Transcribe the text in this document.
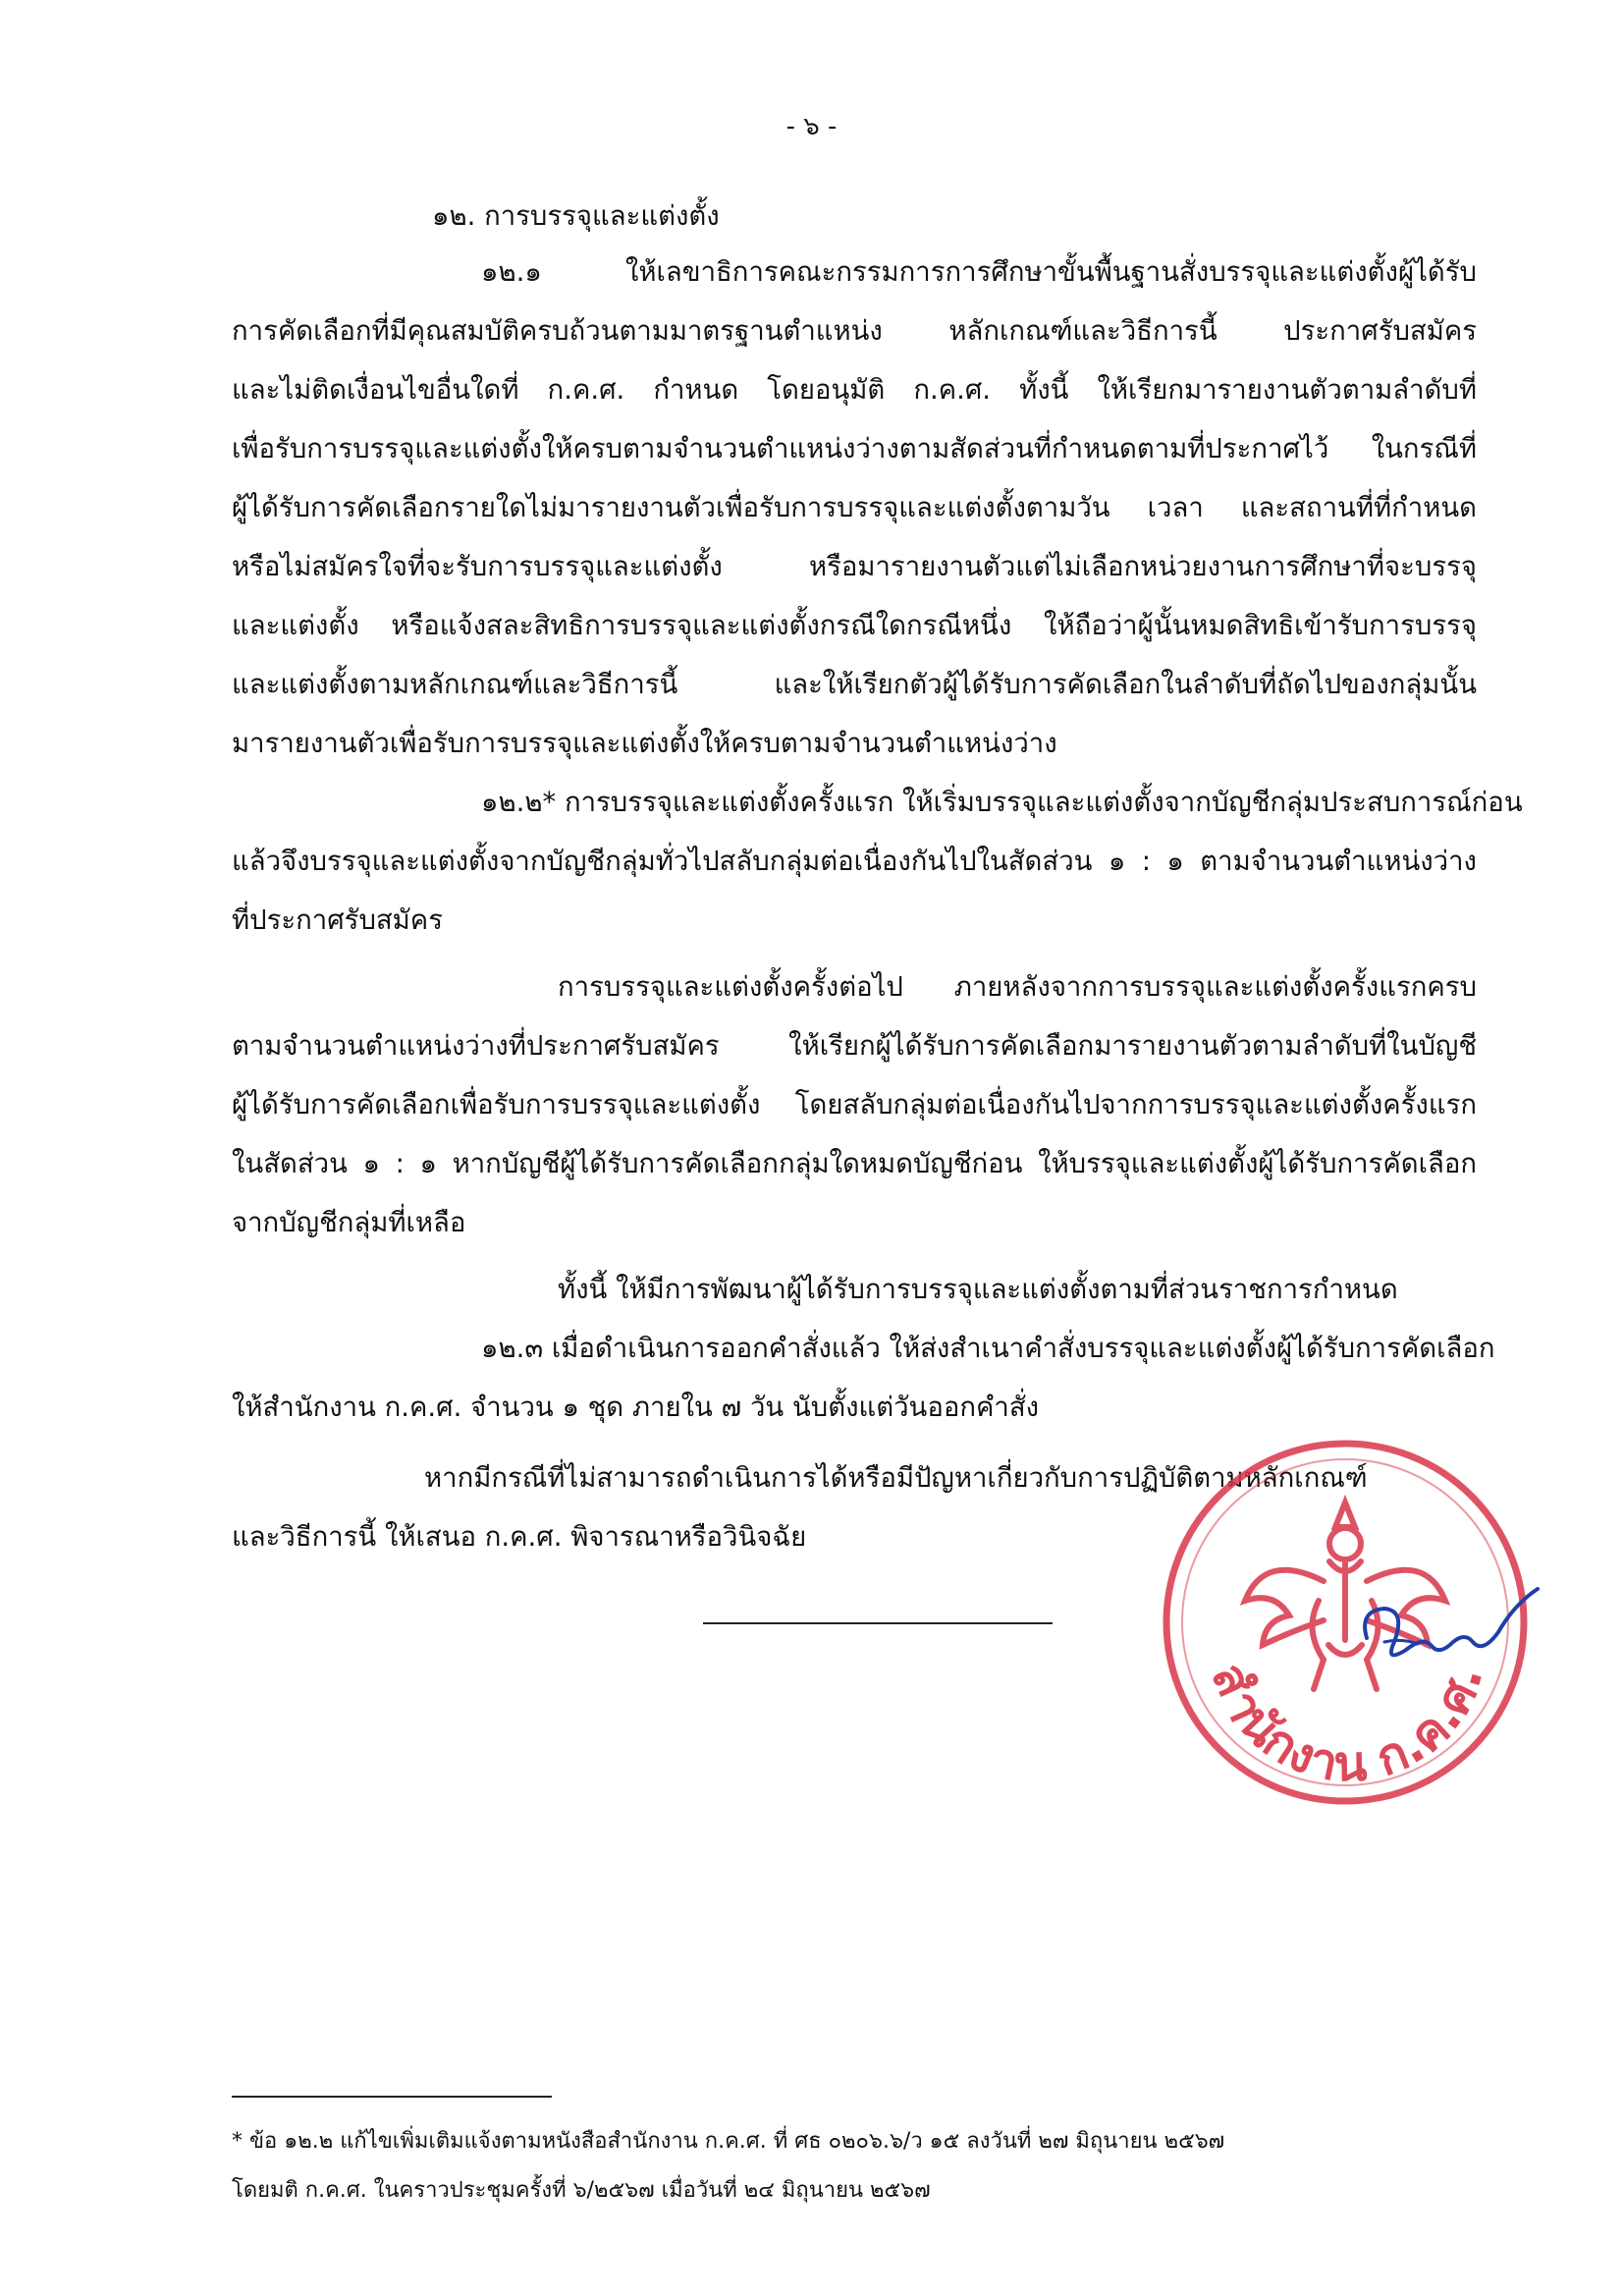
- ๖ -
๑๒. การบรรจุและแต่งตั้ง
๑๒.๑ ให้เลขาธิการคณะกรรมการการศึกษาขั้นพื้นฐานสั่งบรรจุและแต่งตั้งผู้ได้รับ
การคัดเลือกที่มีคุณสมบัติครบถ้วนตามมาตรฐานตำแหน่ง หลักเกณฑ์และวิธีการนี้ ประกาศรับสมัคร
และไม่ติดเงื่อนไขอื่นใดที่ ก.ค.ศ. กำหนด โดยอนุมัติ ก.ค.ศ. ทั้งนี้ ให้เรียกมารายงานตัวตามลำดับที่
เพื่อรับการบรรจุและแต่งตั้งให้ครบตามจำนวนตำแหน่งว่างตามสัดส่วนที่กำหนดตามที่ประกาศไว้ ในกรณีที่
ผู้ได้รับการคัดเลือกรายใดไม่มารายงานตัวเพื่อรับการบรรจุและแต่งตั้งตามวัน เวลา และสถานที่ที่กำหนด
หรือไม่สมัครใจที่จะรับการบรรจุและแต่งตั้ง หรือมารายงานตัวแต่ไม่เลือกหน่วยงานการศึกษาที่จะบรรจุ
และแต่งตั้ง หรือแจ้งสละสิทธิการบรรจุและแต่งตั้งกรณีใดกรณีหนึ่ง ให้ถือว่าผู้นั้นหมดสิทธิเข้ารับการบรรจุ
และแต่งตั้งตามหลักเกณฑ์และวิธีการนี้ และให้เรียกตัวผู้ได้รับการคัดเลือกในลำดับที่ถัดไปของกลุ่มนั้น
มารายงานตัวเพื่อรับการบรรจุและแต่งตั้งให้ครบตามจำนวนตำแหน่งว่าง
๑๒.๒* การบรรจุและแต่งตั้งครั้งแรก ให้เริ่มบรรจุและแต่งตั้งจากบัญชีกลุ่มประสบการณ์ก่อน
แล้วจึงบรรจุและแต่งตั้งจากบัญชีกลุ่มทั่วไปสลับกลุ่มต่อเนื่องกันไปในสัดส่วน ๑ : ๑ ตามจำนวนตำแหน่งว่าง
ที่ประกาศรับสมัคร
การบรรจุและแต่งตั้งครั้งต่อไป ภายหลังจากการบรรจุและแต่งตั้งครั้งแรกครบ
ตามจำนวนตำแหน่งว่างที่ประกาศรับสมัคร ให้เรียกผู้ได้รับการคัดเลือกมารายงานตัวตามลำดับที่ในบัญชี
ผู้ได้รับการคัดเลือกเพื่อรับการบรรจุและแต่งตั้ง โดยสลับกลุ่มต่อเนื่องกันไปจากการบรรจุและแต่งตั้งครั้งแรก
ในสัดส่วน ๑ : ๑ หากบัญชีผู้ได้รับการคัดเลือกกลุ่มใดหมดบัญชีก่อน ให้บรรจุและแต่งตั้งผู้ได้รับการคัดเลือก
จากบัญชีกลุ่มที่เหลือ
ทั้งนี้ ให้มีการพัฒนาผู้ได้รับการบรรจุและแต่งตั้งตามที่ส่วนราชการกำหนด
๑๒.๓ เมื่อดำเนินการออกคำสั่งแล้ว ให้ส่งสำเนาคำสั่งบรรจุและแต่งตั้งผู้ได้รับการคัดเลือก
ให้สำนักงาน ก.ค.ศ. จำนวน ๑ ชุด ภายใน ๗ วัน นับตั้งแต่วันออกคำสั่ง
หากมีกรณีที่ไม่สามารถดำเนินการได้หรือมีปัญหาเกี่ยวกับการปฏิบัติตามหลักเกณฑ์
และวิธีการนี้ ให้เสนอ ก.ค.ศ. พิจารณาหรือวินิจฉัย
สำนักงาน ก.ค.ศ.
* ข้อ ๑๒.๒ แก้ไขเพิ่มเติมแจ้งตามหนังสือสำนักงาน ก.ค.ศ. ที่ ศธ ๐๒๐๖.๖/ว ๑๕ ลงวันที่ ๒๗ มิถุนายน ๒๕๖๗
โดยมติ ก.ค.ศ. ในคราวประชุมครั้งที่ ๖/๒๕๖๗ เมื่อวันที่ ๒๔ มิถุนายน ๒๕๖๗
